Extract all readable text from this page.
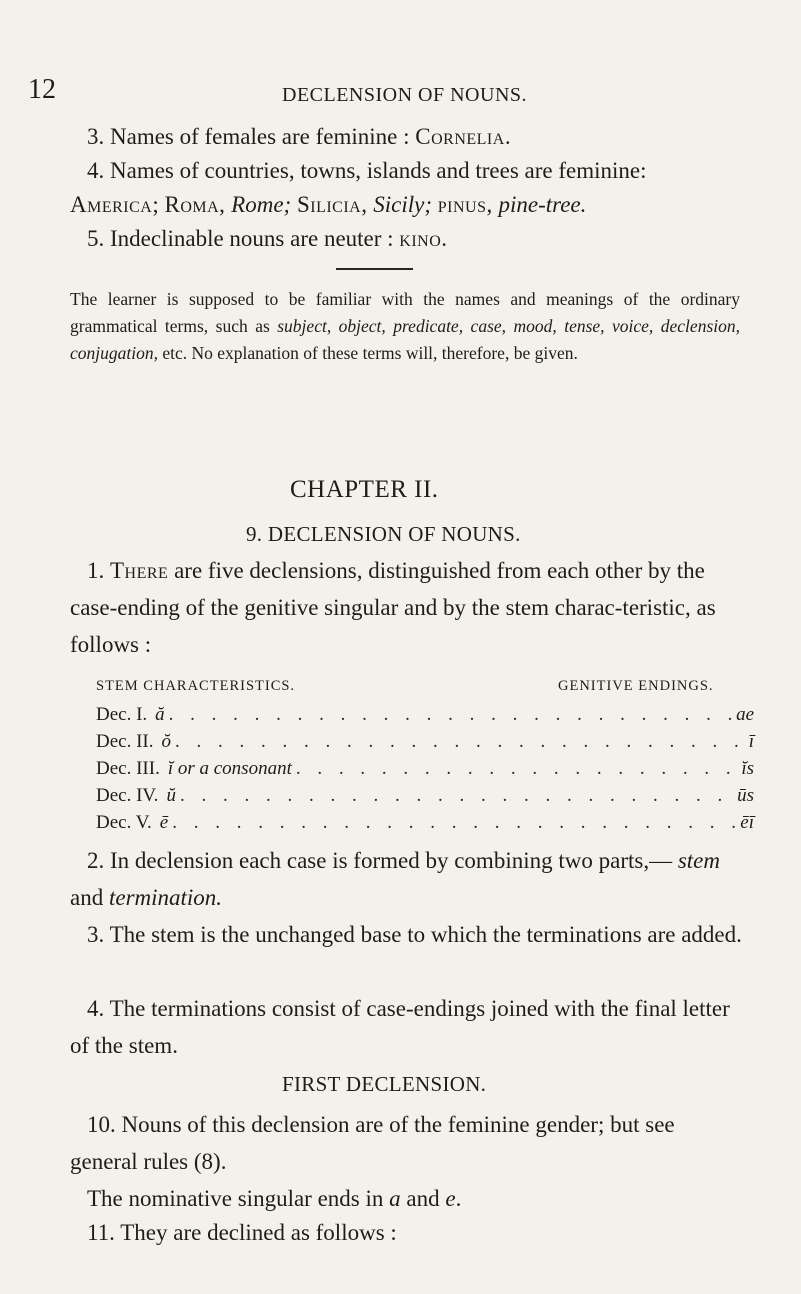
12	DECLENSION OF NOUNS.
3. Names of females are feminine : Cornelia.
4. Names of countries, towns, islands and trees are feminine:
America; Roma, Rome; Silicia, Sicily; pinus, pine-tree.
5. Indeclinable nouns are neuter : kino.
The learner is supposed to be familiar with the names and meanings of the ordinary grammatical terms, such as subject, object, predicate, case, mood, tense, voice, declension, conjugation, etc. No explanation of these terms will, therefore, be given.
CHAPTER II.
9. DECLENSION OF NOUNS.
1. There are five declensions, distinguished from each other by the case-ending of the genitive singular and by the stem charac-teristic, as follows :
STEM CHARACTERISTICS.	GENITIVE ENDINGS.
Dec. I. ă . . .	ae
Dec. II. ŏ . . .	ī
Dec. III. ĭ or a consonant . . .	ĭs
Dec. IV. ŭ . . .	ūs
Dec. V. ē . . .	ēī
2. In declension each case is formed by combining two parts,— stem and termination.
3. The stem is the unchanged base to which the terminations are added.
4. The terminations consist of case-endings joined with the final letter of the stem.
FIRST DECLENSION.
10. Nouns of this declension are of the feminine gender; but see general rules (8).
The nominative singular ends in a and e.
11. They are declined as follows :
